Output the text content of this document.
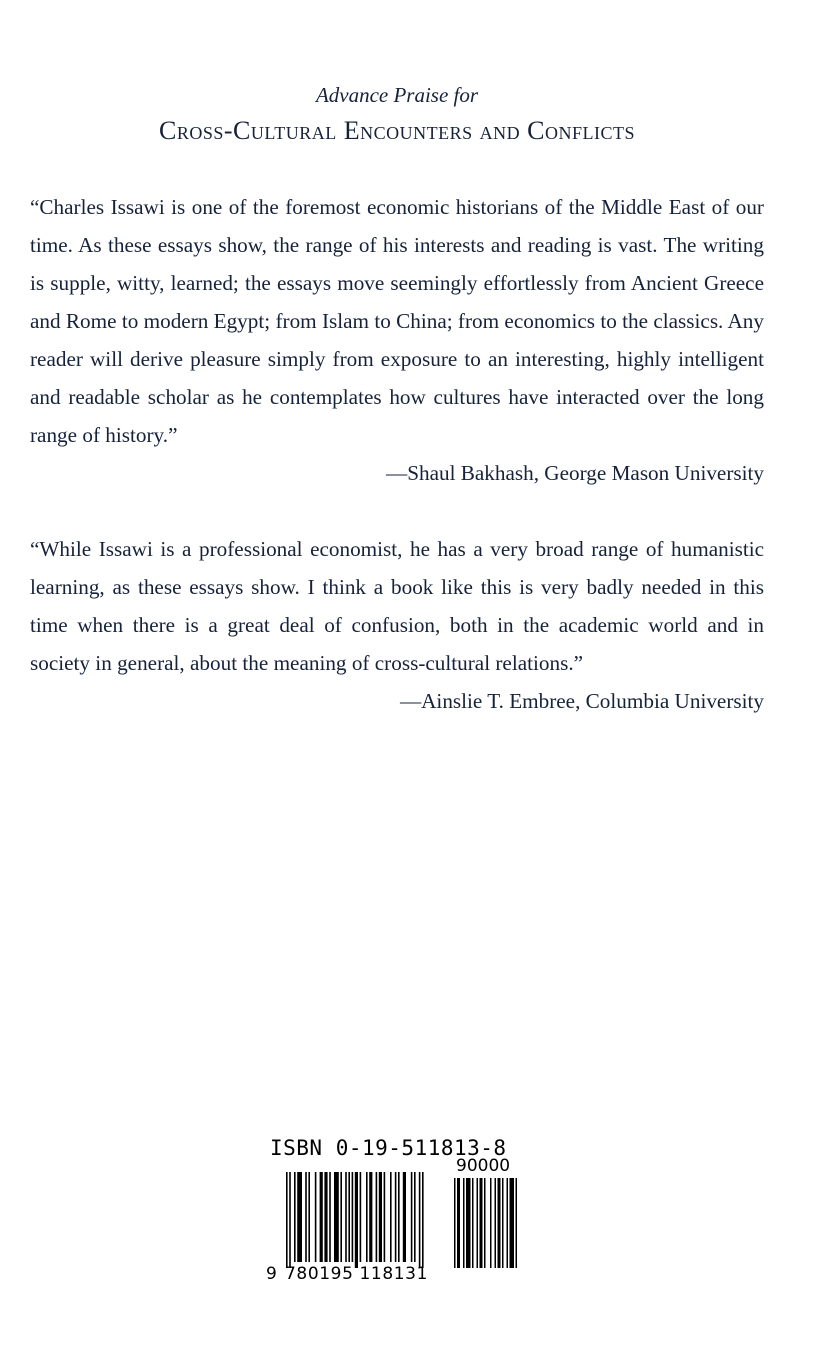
Advance Praise for
Cross-Cultural Encounters and Conflicts
“Charles Issawi is one of the foremost economic historians of the Middle East of our time. As these essays show, the range of his interests and reading is vast. The writing is supple, witty, learned; the essays move seemingly effortlessly from Ancient Greece and Rome to modern Egypt; from Islam to China; from economics to the classics. Any reader will derive pleasure simply from exposure to an interesting, highly intelligent and readable scholar as he contemplates how cultures have interacted over the long range of history.”
—Shaul Bakhash, George Mason University
“While Issawi is a professional economist, he has a very broad range of humanistic learning, as these essays show. I think a book like this is very badly needed in this time when there is a great deal of confusion, both in the academic world and in society in general, about the meaning of cross-cultural relations.”
—Ainslie T. Embree, Columbia University
ISBN 0-19-511813-8
90000
9 780195 118131
